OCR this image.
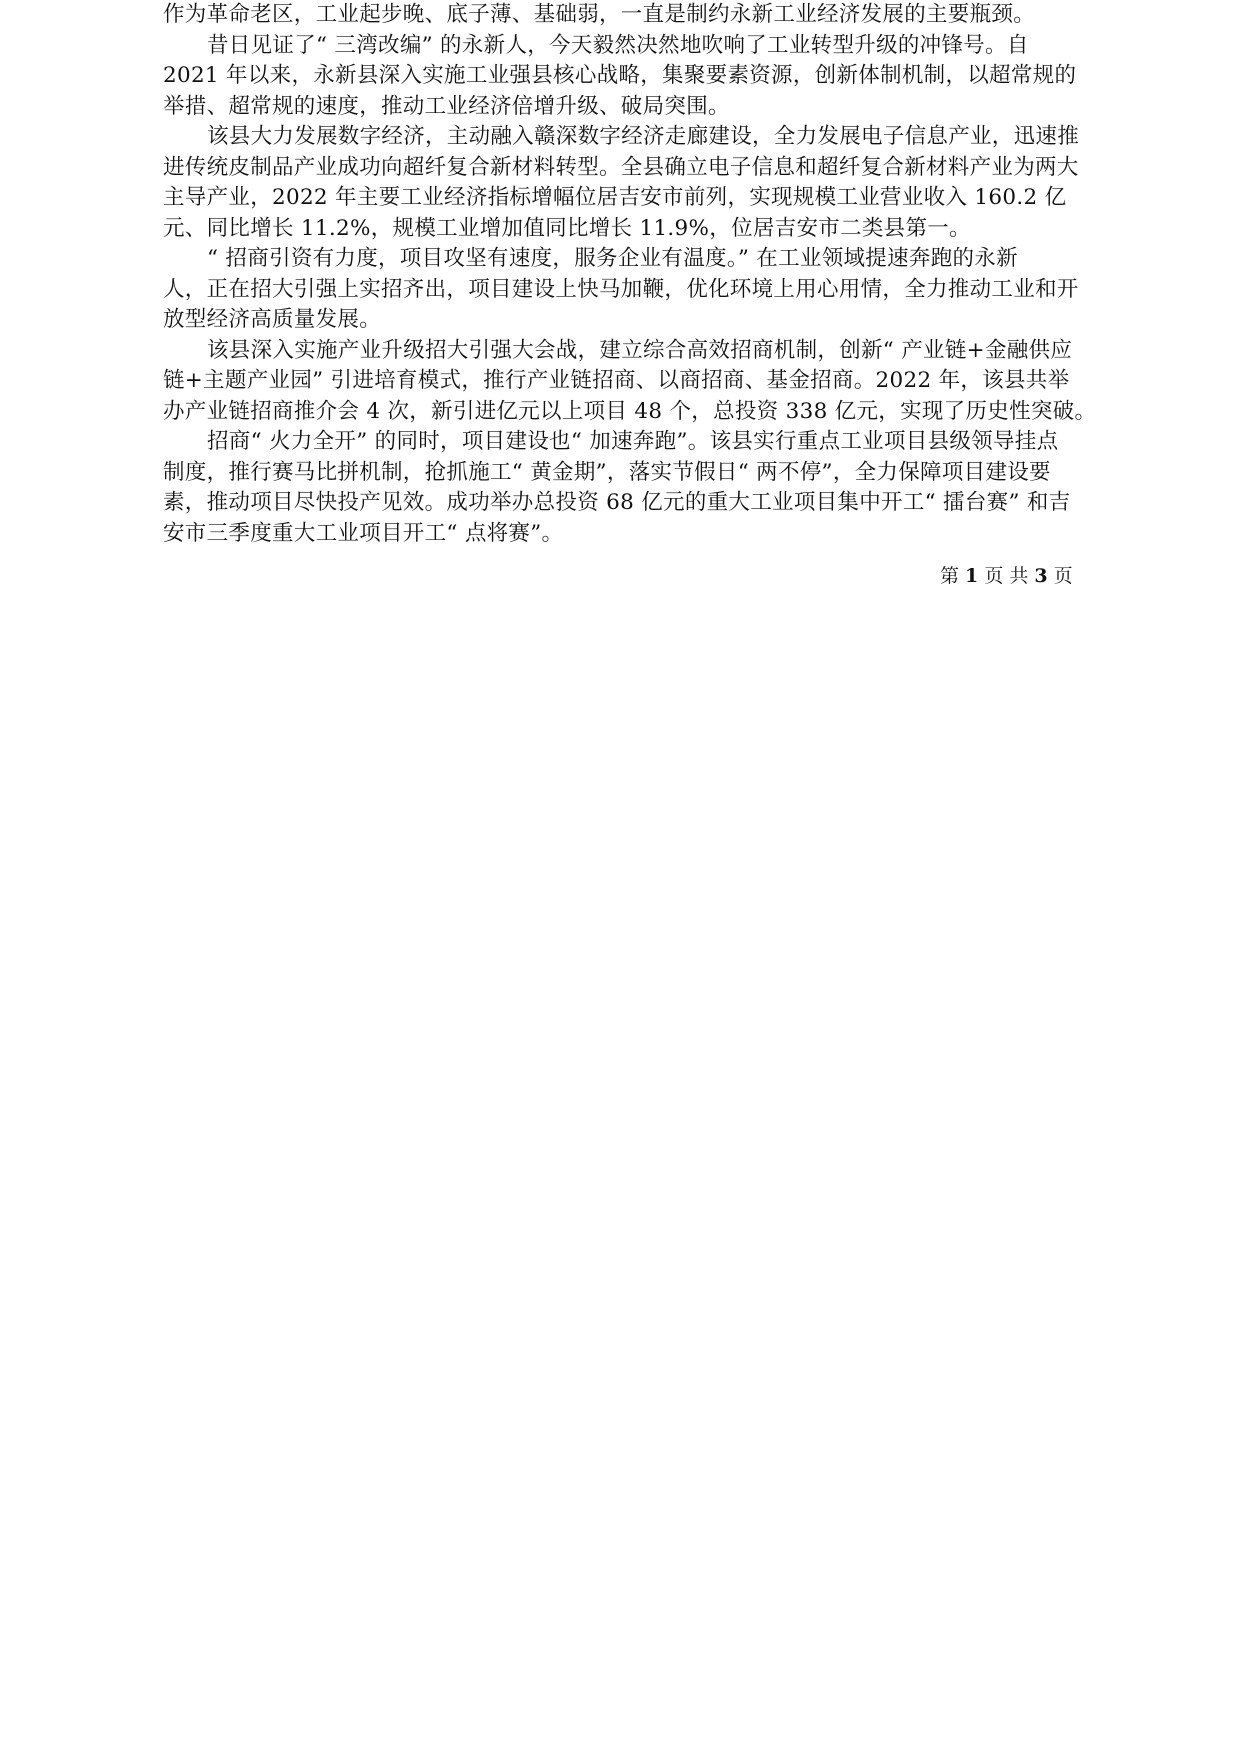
作为革命老区，工业起步晚、底子薄、基础弱，一直是制约永新工业经济发展的主要瓶颈。
昔日见证了“ 三湾改编” 的永新人，今天毅然决然地吹响了工业转型升级的冲锋号。自
2021 年以来，永新县深入实施工业强县核心战略，集聚要素资源，创新体制机制，以超常规的
举措、超常规的速度，推动工业经济倍增升级、破局突围。
该县大力发展数字经济，主动融入赣深数字经济走廊建设，全力发展电子信息产业，迅速推
进传统皮制品产业成功向超纤复合新材料转型。全县确立电子信息和超纤复合新材料产业为两大
主导产业，2022 年主要工业经济指标增幅位居吉安市前列，实现规模工业营业收入 160.2 亿
元、同比增长 11.2%，规模工业增加值同比增长 11.9%，位居吉安市二类县第一。
“ 招商引资有力度，项目攻坚有速度，服务企业有温度。” 在工业领域提速奔跑的永新
人，正在招大引强上实招齐出，项目建设上快马加鞭，优化环境上用心用情，全力推动工业和开
放型经济高质量发展。
该县深入实施产业升级招大引强大会战，建立综合高效招商机制，创新“ 产业链+金融供应
链+主题产业园” 引进培育模式，推行产业链招商、以商招商、基金招商。2022 年，该县共举
办产业链招商推介会 4 次，新引进亿元以上项目 48 个，总投资 338 亿元，实现了历史性突破。
招商“ 火力全开” 的同时，项目建设也“ 加速奔跑”。该县实行重点工业项目县级领导挂点
制度，推行赛马比拼机制，抢抓施工“ 黄金期”，落实节假日“ 两不停”，全力保障项目建设要
素，推动项目尽快投产见效。成功举办总投资 68 亿元的重大工业项目集中开工“ 擂台赛” 和吉
安市三季度重大工业项目开工“ 点将赛”。
第 1 页 共 3 页
